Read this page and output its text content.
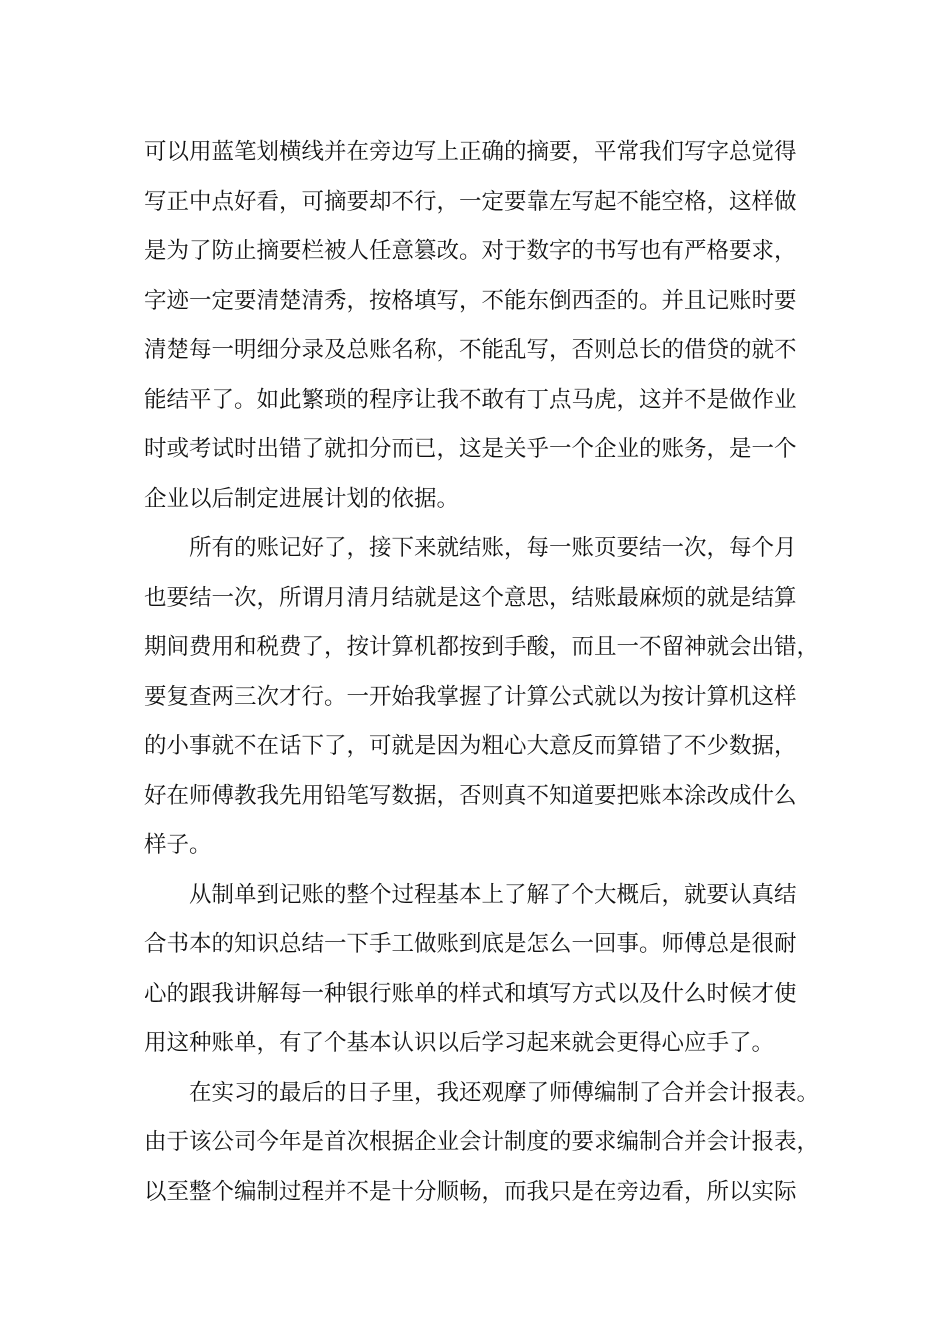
可以用蓝笔划横线并在旁边写上正确的摘要，平常我们写字总觉得
写正中点好看，可摘要却不行，一定要靠左写起不能空格，这样做
是为了防止摘要栏被人任意篡改。对于数字的书写也有严格要求，
字迹一定要清楚清秀，按格填写，不能东倒西歪的。并且记账时要
清楚每一明细分录及总账名称，不能乱写，否则总长的借贷的就不
能结平了。如此繁琐的程序让我不敢有丁点马虎，这并不是做作业
时或考试时出错了就扣分而已，这是关乎一个企业的账务，是一个
企业以后制定进展计划的依据。
所有的账记好了，接下来就结账，每一账页要结一次，每个月
也要结一次，所谓月清月结就是这个意思，结账最麻烦的就是结算
期间费用和税费了，按计算机都按到手酸，而且一不留神就会出错，
要复查两三次才行。一开始我掌握了计算公式就以为按计算机这样
的小事就不在话下了，可就是因为粗心大意反而算错了不少数据，
好在师傅教我先用铅笔写数据，否则真不知道要把账本涂改成什么
样子。
从制单到记账的整个过程基本上了解了个大概后，就要认真结
合书本的知识总结一下手工做账到底是怎么一回事。师傅总是很耐
心的跟我讲解每一种银行账单的样式和填写方式以及什么时候才使
用这种账单，有了个基本认识以后学习起来就会更得心应手了。
在实习的最后的日子里，我还观摩了师傅编制了合并会计报表。
由于该公司今年是首次根据企业会计制度的要求编制合并会计报表，
以至整个编制过程并不是十分顺畅，而我只是在旁边看，所以实际
